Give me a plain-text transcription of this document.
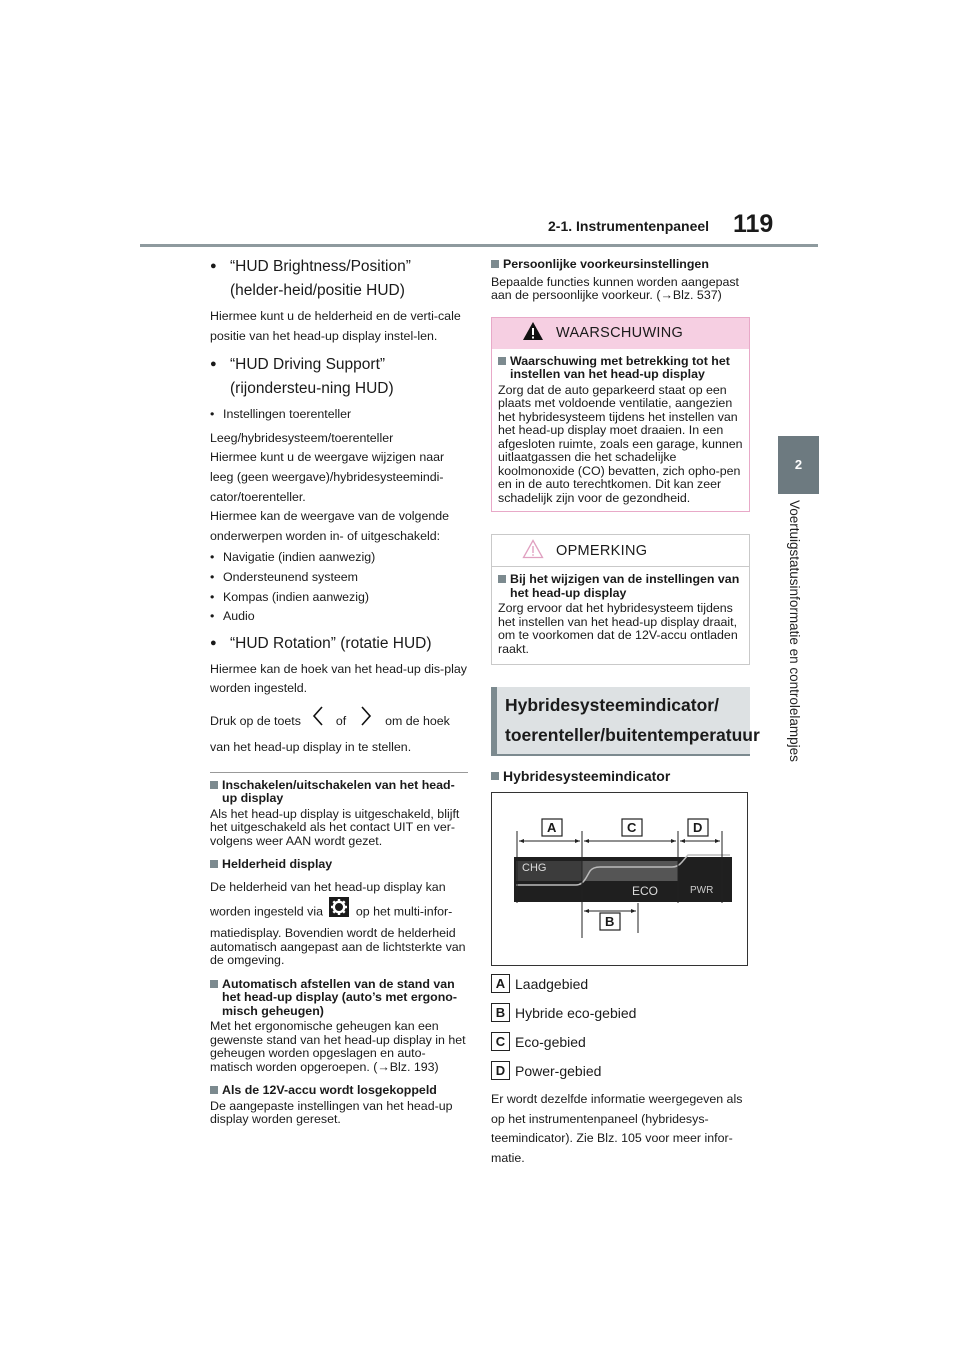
2-1. Instrumentenpaneel 119
2
Voertuigstatusinformatie en controlelampjes
● “HUD Brightness/Position” (helder-heid/positie HUD)

Hiermee kunt u de helderheid en de verti-cale positie van het head-up display instel-len.

● “HUD Driving Support” (rijondersteu-ning HUD)
• Instellingen toerenteller

Leeg/hybridesysteem/toerenteller

Hiermee kunt u de weergave wijzigen naar leeg (geen weergave)/hybridesysteemindi-cator/toerenteller.

Hiermee kan de weergave van de volgende onderwerpen worden in- of uitgeschakeld:

• Navigatie (indien aanwezig)
• Ondersteunend systeem
• Kompas (indien aanwezig)
• Audio
● “HUD Rotation” (rotatie HUD)

Hiermee kan de hoek van het head-up dis-play worden ingesteld.

Druk op de toets	of	om de hoek

van het head-up display in te stellen.

Inschakelen/uitschakelen van het head-up display

Als het head-up display is uitgeschakeld, blijft het uitgeschakeld als het contact UIT en ver-volgens weer AAN wordt gezet.

Helderheid display

De helderheid van het head-up display kan

worden ingesteld via	op het multi-infor-

matiedisplay. Bovendien wordt de helderheid automatisch aangepast aan de lichtsterkte van de omgeving.

Automatisch afstellen van de stand van het head-up display (auto’s met ergono-misch geheugen)

Met het ergonomische geheugen kan een gewenste stand van het head-up display in het geheugen worden opgeslagen en auto-matisch worden opgeroepen. (→Blz. 193)

Als de 12V-accu wordt losgekoppeld

De aangepaste instellingen van het head-up display worden gereset.

Persoonlijke voorkeursinstellingen

Bepaalde functies kunnen worden aangepast aan de persoonlijke voorkeur. (→Blz. 537)

WAARSCHUWING
Waarschuwing met betrekking tot het instellen van het head-up display

Zorg dat de auto geparkeerd staat op een plaats met voldoende ventilatie, aangezien het hybridesysteem tijdens het instellen van het head-up display moet draaien. In een afgesloten ruimte, zoals een garage, kunnen uitlaatgassen die het schadelijke koolmonoxide (CO) bevatten, zich opho-pen en in de auto terechtkomen. Dit kan zeer schadelijk zijn voor de gezondheid.

OPMERKING
Bij het wijzigen van de instellingen van het head-up display

Zorg ervoor dat het hybridesysteem tijdens het instellen van het head-up display draait, om te voorkomen dat de 12V-accu ontladen raakt.

Hybridesysteemindicator/
toerenteller/buitentemperatuur
Hybridesysteemindicator
CHG
ECO	PWR
A	C	D
B
A Laadgebied
B Hybride eco-gebied
C Eco-gebied
D Power-gebied

Er wordt dezelfde informatie weergegeven als op het instrumentenpaneel (hybridesys-teemindicator). Zie Blz. 105 voor meer infor-matie.
